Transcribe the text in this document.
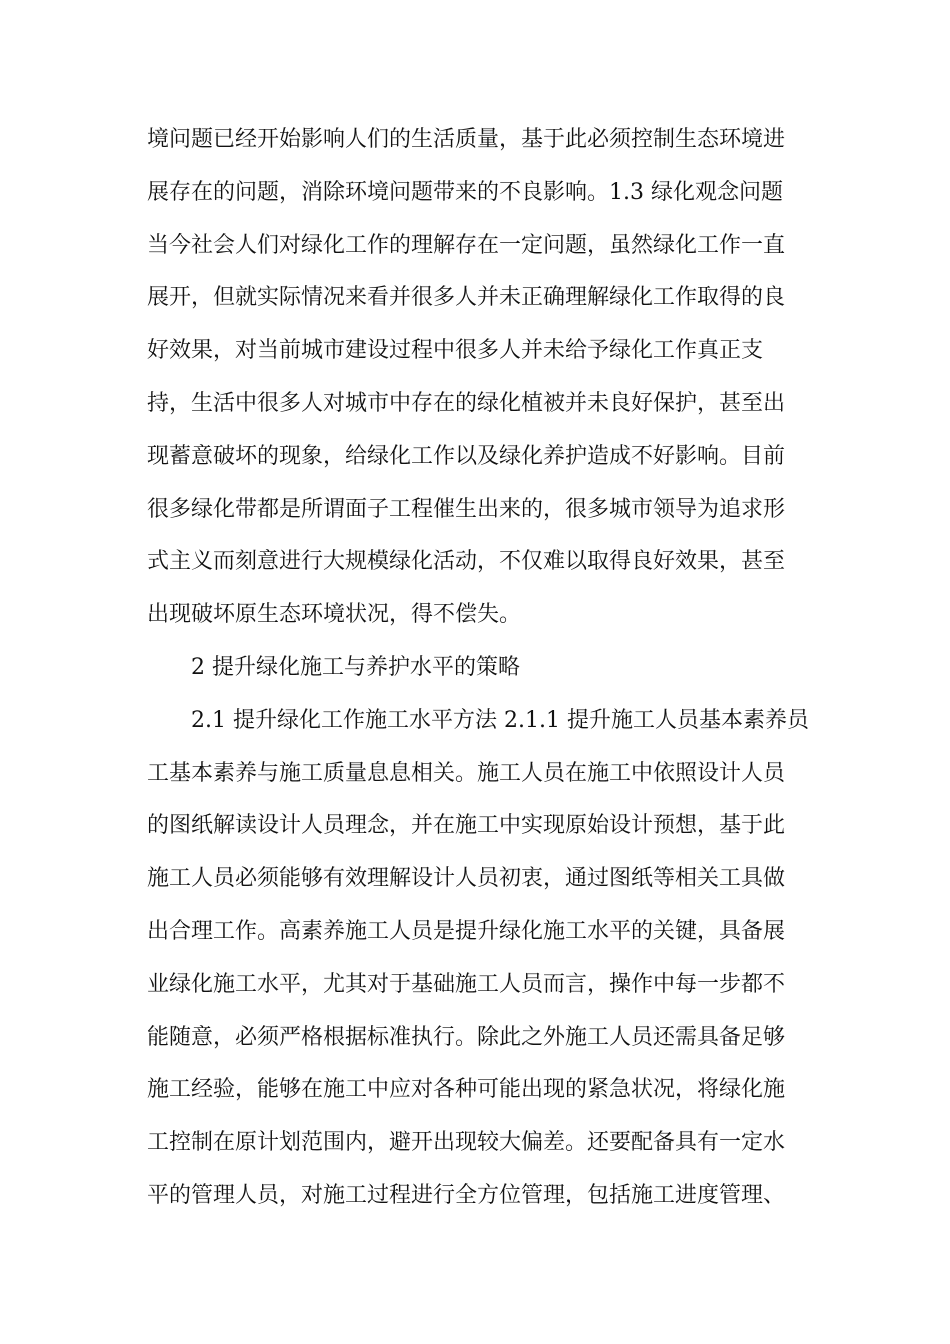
境问题已经开始影响人们的生活质量，基于此必须控制生态环境进
展存在的问题，消除环境问题带来的不良影响。1.3 绿化观念问题
当今社会人们对绿化工作的理解存在一定问题，虽然绿化工作一直
展开，但就实际情况来看并很多人并未正确理解绿化工作取得的良
好效果，对当前城市建设过程中很多人并未给予绿化工作真正支
持，生活中很多人对城市中存在的绿化植被并未良好保护，甚至出
现蓄意破坏的现象，给绿化工作以及绿化养护造成不好影响。目前
很多绿化带都是所谓面子工程催生出来的，很多城市领导为追求形
式主义而刻意进行大规模绿化活动，不仅难以取得良好效果，甚至
出现破坏原生态环境状况，得不偿失。
2 提升绿化施工与养护水平的策略
2.1 提升绿化工作施工水平方法 2.1.1 提升施工人员基本素养员
工基本素养与施工质量息息相关。施工人员在施工中依照设计人员
的图纸解读设计人员理念，并在施工中实现原始设计预想，基于此
施工人员必须能够有效理解设计人员初衷，通过图纸等相关工具做
出合理工作。高素养施工人员是提升绿化施工水平的关键，具备展
业绿化施工水平，尤其对于基础施工人员而言，操作中每一步都不
能随意，必须严格根据标准执行。除此之外施工人员还需具备足够
施工经验，能够在施工中应对各种可能出现的紧急状况，将绿化施
工控制在原计划范围内，避开出现较大偏差。还要配备具有一定水
平的管理人员，对施工过程进行全方位管理，包括施工进度管理、
